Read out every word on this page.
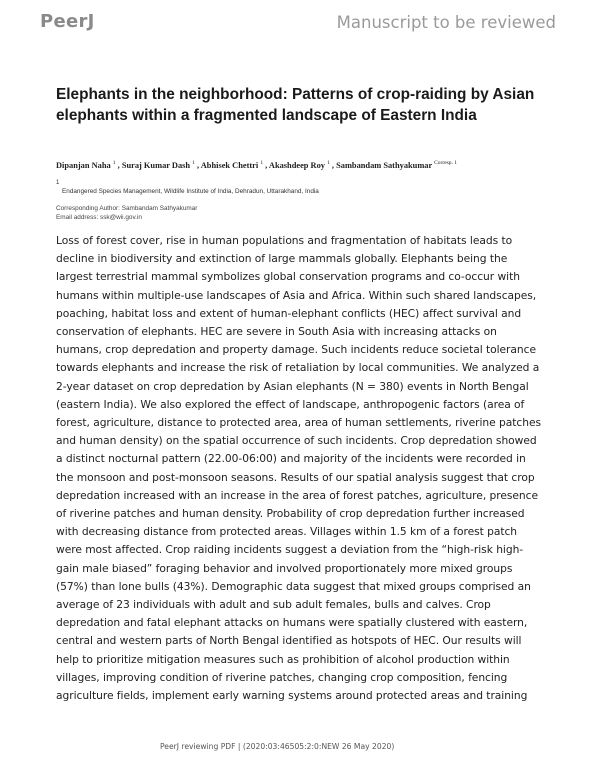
PeerJ	Manuscript to be reviewed
Elephants in the neighborhood: Patterns of crop-raiding by Asian elephants within a fragmented landscape of Eastern India
Dipanjan Naha $^1$ , Suraj Kumar Dash $^1$ , Abhisek Chettri $^1$ , Akashdeep Roy $^1$ , Sambandam Sathyakumar $^{Corresp. 1}$
1
Endangered Species Management, Wildlife Institute of India, Dehradun, Uttarakhand, India
Corresponding Author: Sambandam Sathyakumar
Email address: ssk@wii.gov.in
Loss of forest cover, rise in human populations and fragmentation of habitats leads to
decline in biodiversity and extinction of large mammals globally. Elephants being the
largest terrestrial mammal symbolizes global conservation programs and co-occur with
humans within multiple-use landscapes of Asia and Africa. Within such shared landscapes,
poaching, habitat loss and extent of human-elephant conflicts (HEC) affect survival and
conservation of elephants. HEC are severe in South Asia with increasing attacks on
humans, crop depredation and property damage. Such incidents reduce societal tolerance
towards elephants and increase the risk of retaliation by local communities. We analyzed a
2-year dataset on crop depredation by Asian elephants (N = 380) events in North Bengal
(eastern India). We also explored the effect of landscape, anthropogenic factors (area of
forest, agriculture, distance to protected area, area of human settlements, riverine patches
and human density) on the spatial occurrence of such incidents. Crop depredation showed
a distinct nocturnal pattern (22.00-06:00) and majority of the incidents were recorded in
the monsoon and post-monsoon seasons. Results of our spatial analysis suggest that crop
depredation increased with an increase in the area of forest patches, agriculture, presence
of riverine patches and human density. Probability of crop depredation further increased
with decreasing distance from protected areas. Villages within 1.5 km of a forest patch
were most affected. Crop raiding incidents suggest a deviation from the “high-risk high-
gain male biased” foraging behavior and involved proportionately more mixed groups
(57%) than lone bulls (43%). Demographic data suggest that mixed groups comprised an
average of 23 individuals with adult and sub adult females, bulls and calves. Crop
depredation and fatal elephant attacks on humans were spatially clustered with eastern,
central and western parts of North Bengal identified as hotspots of HEC. Our results will
help to prioritize mitigation measures such as prohibition of alcohol production within
villages, improving condition of riverine patches, changing crop composition, fencing
agriculture fields, implement early warning systems around protected areas and training
PeerJ reviewing PDF | (2020:03:46505:2:0:NEW 26 May 2020)
